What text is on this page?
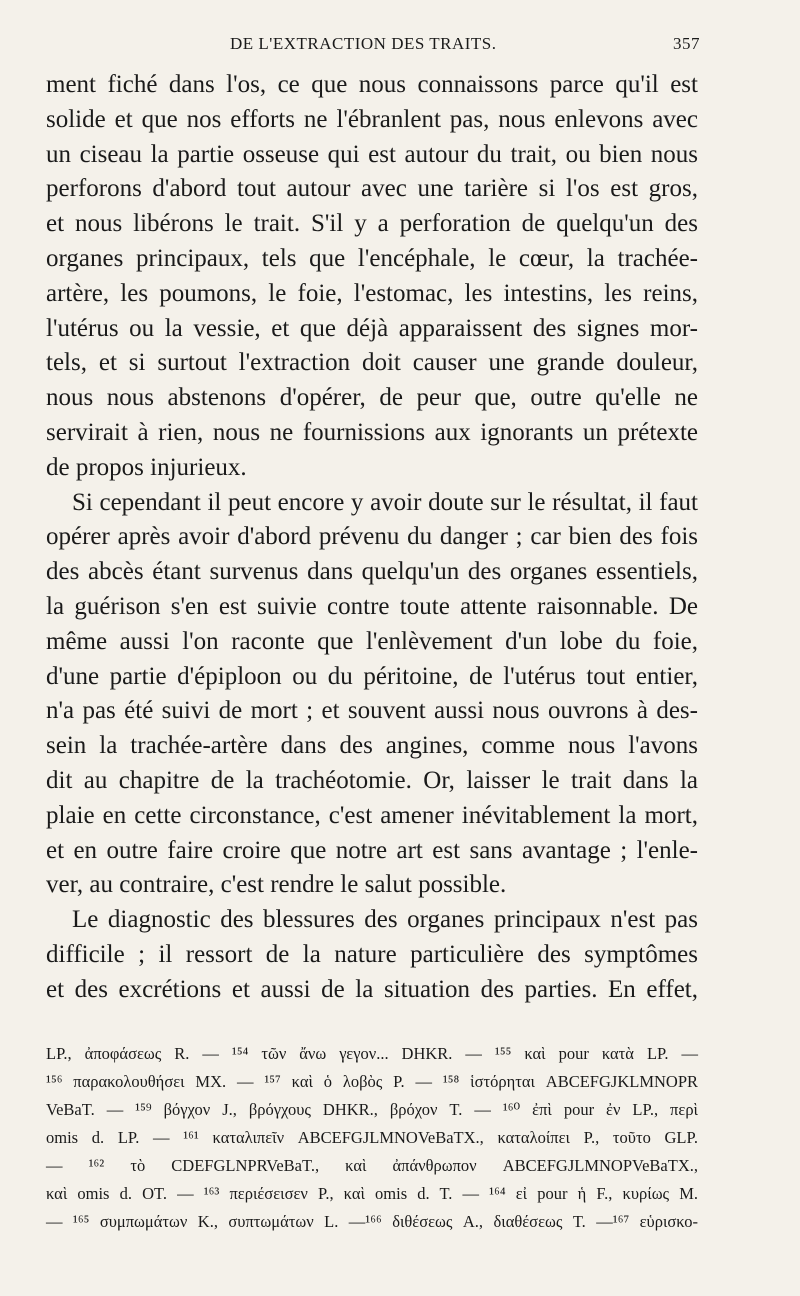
DE L'EXTRACTION DES TRAITS.	357
ment fiché dans l'os, ce que nous connaissons parce qu'il est
solide et que nos efforts ne l'ébranlent pas, nous enlevons avec
un ciseau la partie osseuse qui est autour du trait, ou bien nous
perforons d'abord tout autour avec une tarière si l'os est gros,
et nous libérons le trait. S'il y a perforation de quelqu'un des
organes principaux, tels que l'encéphale, le cœur, la trachée-
artère, les poumons, le foie, l'estomac, les intestins, les reins,
l'utérus ou la vessie, et que déjà apparaissent des signes mor-
tels, et si surtout l'extraction doit causer une grande douleur,
nous nous abstenons d'opérer, de peur que, outre qu'elle ne
servirait à rien, nous ne fournissions aux ignorants un prétexte
de propos injurieux.
Si cependant il peut encore y avoir doute sur le résultat, il faut
opérer après avoir d'abord prévenu du danger ; car bien des fois
des abcès étant survenus dans quelqu'un des organes essentiels,
la guérison s'en est suivie contre toute attente raisonnable. De
même aussi l'on raconte que l'enlèvement d'un lobe du foie,
d'une partie d'épiploon ou du péritoine, de l'utérus tout entier,
n'a pas été suivi de mort ; et souvent aussi nous ouvrons à des-
sein la trachée-artère dans des angines, comme nous l'avons
dit au chapitre de la trachéotomie. Or, laisser le trait dans la
plaie en cette circonstance, c'est amener inévitablement la mort,
et en outre faire croire que notre art est sans avantage ; l'enle-
ver, au contraire, c'est rendre le salut possible.
Le diagnostic des blessures des organes principaux n'est pas
difficile ; il ressort de la nature particulière des symptômes
et des excrétions et aussi de la situation des parties. En effet,
LP., ἀποφάσεως R. — ¹⁵⁴ τῶν ἄνω γεγον... DHKR. — ¹⁵⁵ καὶ pour κατὰ LP. —
¹⁵⁶ παρακολουθήσει MX. — ¹⁵⁷ καὶ ὁ λοβὸς P. — ¹⁵⁸ ἱστόρηται ABCEFGJKLMNOPR
VeBaT. — ¹⁵⁹ βόγχον J., βρόγχους DHKR., βρόχον T. — ¹⁶⁰ ἐπὶ pour ἐν LP., περὶ
omis d. LP. — ¹⁶¹ καταλιπεῖν ABCEFGJLMNOVeBaTX., καταλοίπει P., τοῦτο GLP.
— ¹⁶² τὸ CDEFGLNPRVeBaT., καὶ ἀπάνθρωπον ABCEFGJLMNOPVeBaTX.,
καὶ omis d. OT. — ¹⁶³ περιέσεισεν P., καὶ omis d. T. — ¹⁶⁴ εἰ pour ἡ F., κυρίως M.
— ¹⁶⁵ συμπωμάτων K., συπτωμάτων L. —¹⁶⁶ διθέσεως A., διαθέσεως T. —¹⁶⁷ εὑρισκο-
